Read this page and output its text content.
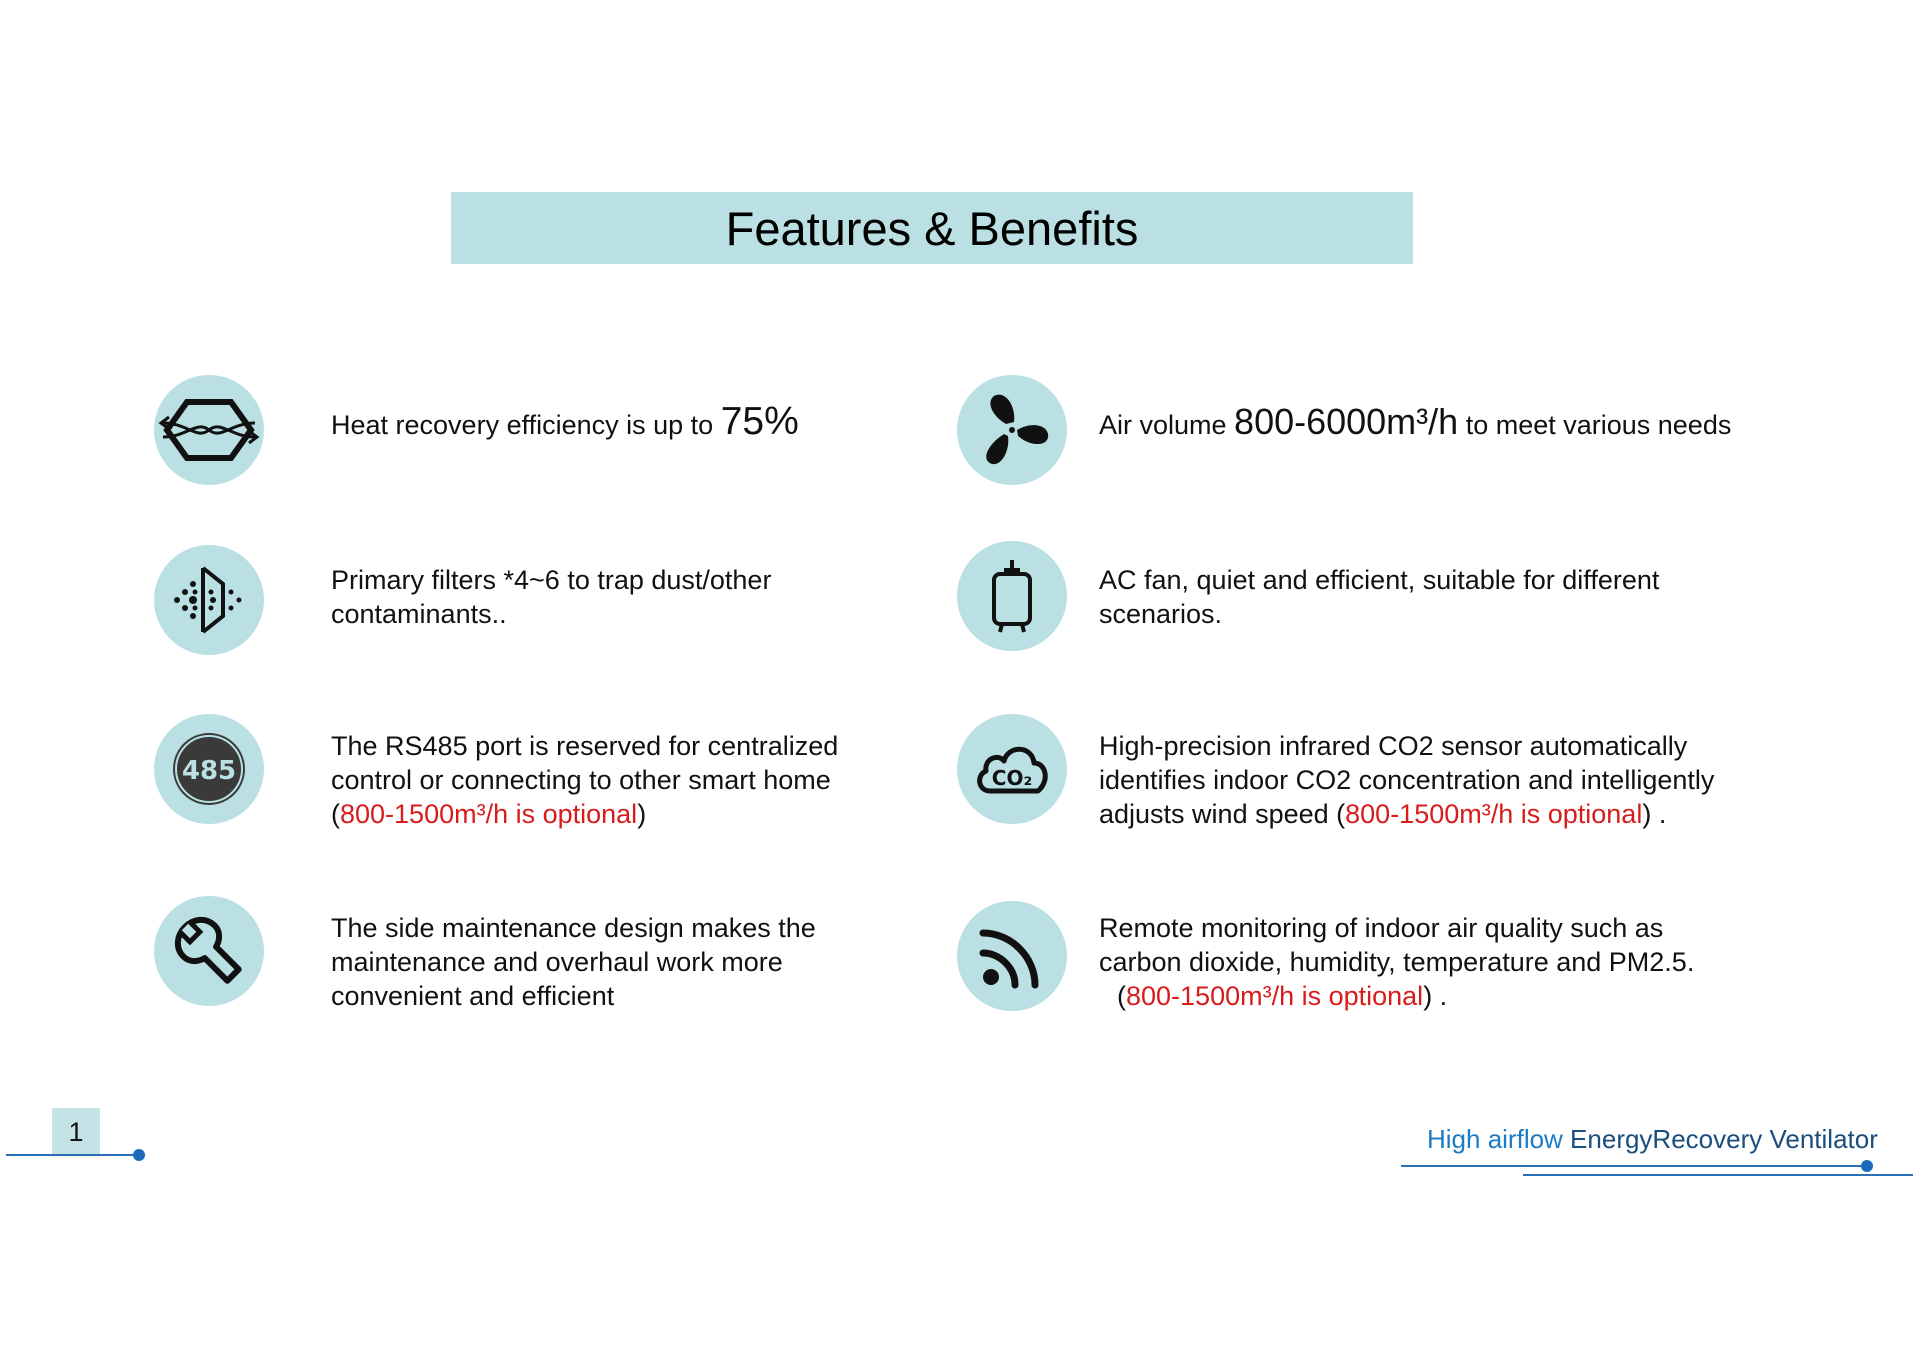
Features & Benefits
Heat recovery efficiency is up to 75%	Air volume 800-6000m³/h to meet various needs
Primary filters *4~6 to trap dust/other
contaminants..
AC fan, quiet and efficient, suitable for different
scenarios.
485
The RS485 port is reserved for centralized
control or connecting to other smart home
(800-1500m³/h is optional)
CO₂
High-precision infrared CO2 sensor automatically
identifies indoor CO2 concentration and intelligently
adjusts wind speed (800-1500m³/h is optional) .
The side maintenance design makes the
maintenance and overhaul work more
convenient and efficient
Remote monitoring of indoor air quality such as
carbon dioxide, humidity, temperature and PM2.5.
(800-1500m³/h is optional) .
1	High airflow EnergyRecovery Ventilator
